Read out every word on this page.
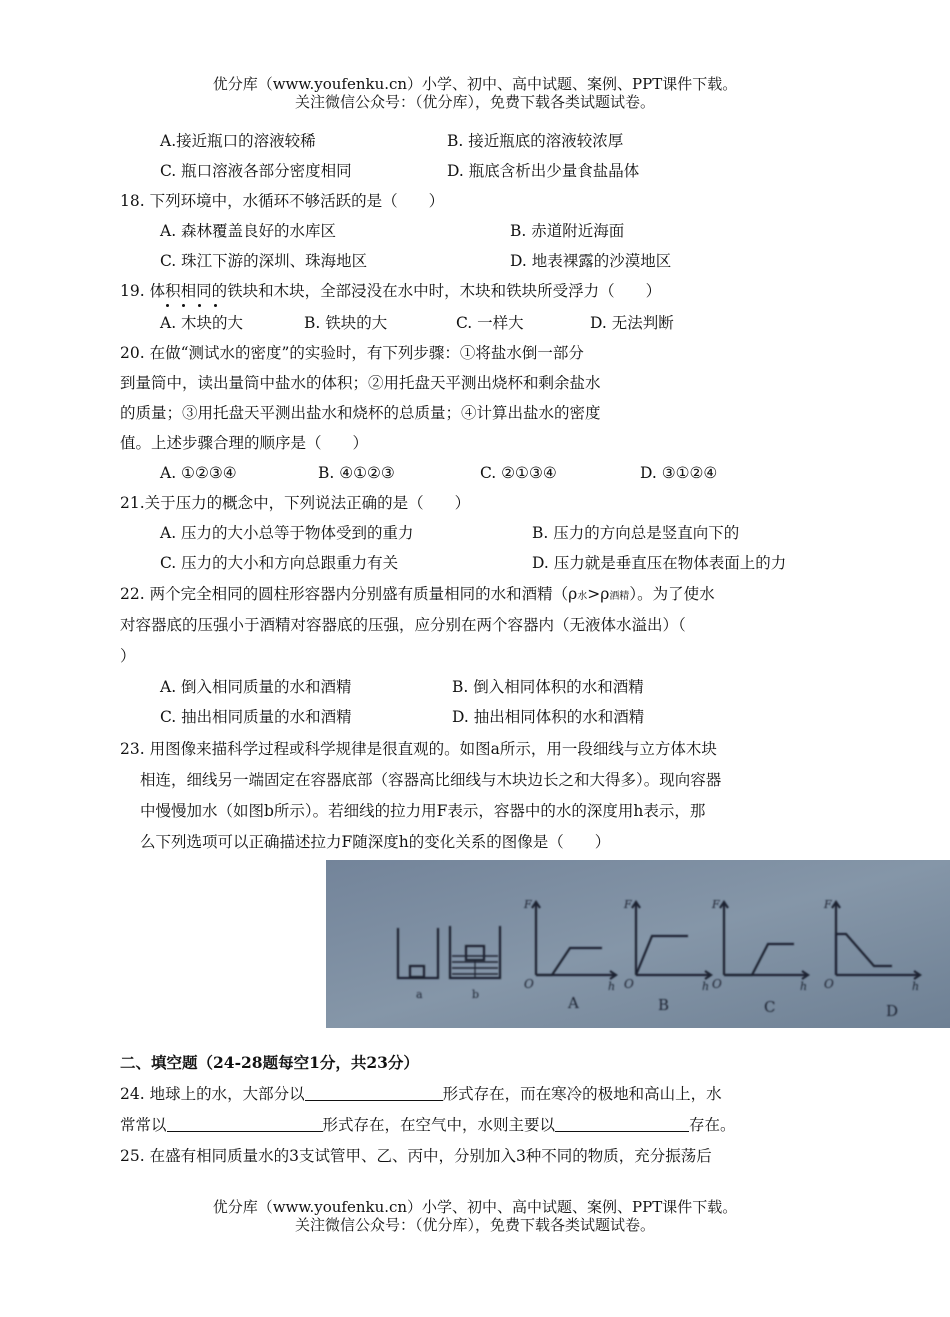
优分库（www.youfenku.cn）小学、初中、高中试题、案例、PPT课件下载。
关注微信公众号：（优分库），免费下载各类试题试卷。
A.接近瓶口的溶液较稀	B. 接近瓶底的溶液较浓厚
C. 瓶口溶液各部分密度相同	D. 瓶底含析出少量食盐晶体
18. 下列环境中，水循环不够活跃的是（　　）
A. 森林覆盖良好的水库区	B. 赤道附近海面
C. 珠江下游的深圳、珠海地区	D. 地表裸露的沙漠地区
19. 体积相同的铁块和木块，全部浸没在水中时，木块和铁块所受浮力（　　）
A. 木块的大	B. 铁块的大	C. 一样大	D. 无法判断
20. 在做“测试水的密度”的实验时，有下列步骤：①将盐水倒一部分
到量筒中，读出量筒中盐水的体积；②用托盘天平测出烧杯和剩余盐水
的质量；③用托盘天平测出盐水和烧杯的总质量；④计算出盐水的密度
值。上述步骤合理的顺序是（　　）
A. ①②③④	B. ④①②③	C. ②①③④	D. ③①②④
21.关于压力的概念中，下列说法正确的是（　　）
A. 压力的大小总等于物体受到的重力	B. 压力的方向总是竖直向下的
C. 压力的大小和方向总跟重力有关	D. 压力就是垂直压在物体表面上的力
22. 两个完全相同的圆柱形容器内分别盛有质量相同的水和酒精（ρ水>ρ酒精）。为了使水
对容器底的压强小于酒精对容器底的压强，应分别在两个容器内（无液体水溢出）（
）
A. 倒入相同质量的水和酒精	B. 倒入相同体积的水和酒精
C. 抽出相同质量的水和酒精	D. 抽出相同体积的水和酒精
23. 用图像来描科学过程或科学规律是很直观的。如图a所示，用一段细线与立方体木块
相连，细线另一端固定在容器底部（容器高比细线与木块边长之和大得多）。现向容器
中慢慢加水（如图b所示）。若细线的拉力用F表示，容器中的水的深度用h表示，那
么下列选项可以正确描述拉力F随深度h的变化关系的图像是（　　）
a	b
O	O	O	O
F	F	F	F
h	h	h	h
A	B	C	D
二、填空题（24-28题每空1分，共23分）
24. 地球上的水，大部分以	形式存在，而在寒冷的极地和高山上，水
常常以	形式存在，在空气中，水则主要以	存在。
25. 在盛有相同质量水的3支试管甲、乙、丙中，分别加入3种不同的物质，充分振荡后
优分库（www.youfenku.cn）小学、初中、高中试题、案例、PPT课件下载。
关注微信公众号：（优分库），免费下载各类试题试卷。
